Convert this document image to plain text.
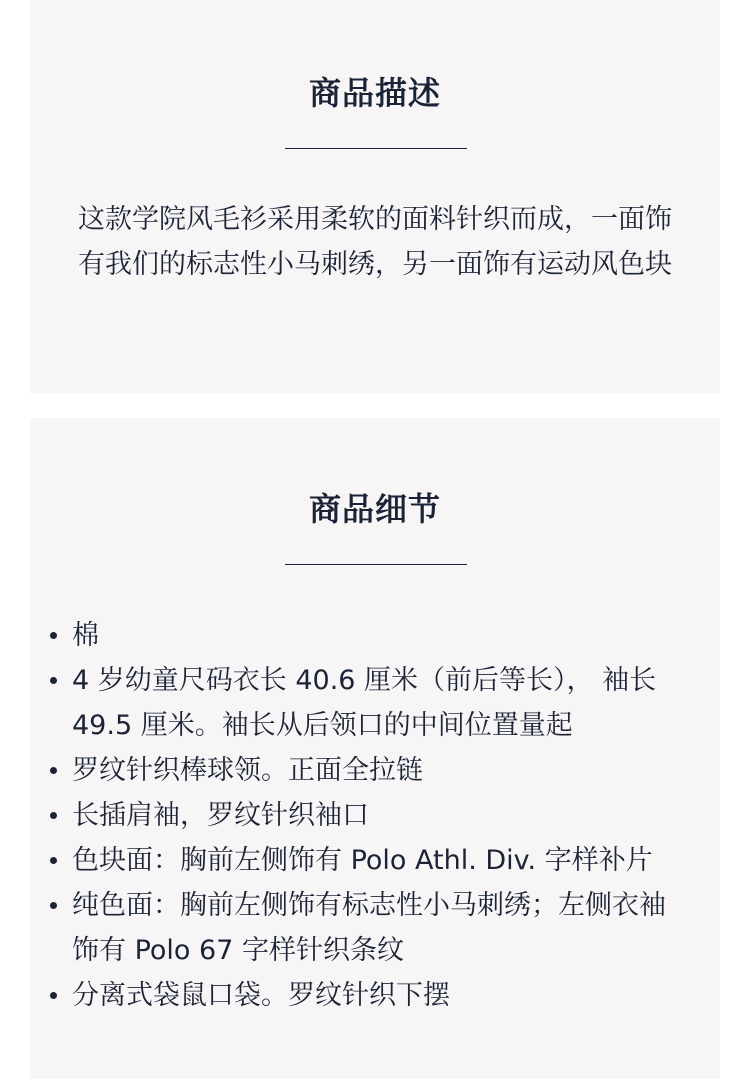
商品描述

这款学院风毛衫采用柔软的面料针织而成，一面饰有我们的标志性小马刺绣，另一面饰有运动风色块

商品细节
棉
4 岁幼童尺码衣长 40.6 厘米（前后等长）， 袖长 49.5 厘米。袖长从后领口的中间位置量起
罗纹针织棒球领。正面全拉链
长插肩袖，罗纹针织袖口
色块面：胸前左侧饰有 Polo Athl. Div. 字样补片
纯色面：胸前左侧饰有标志性小马刺绣；左侧衣袖饰有 Polo 67 字样针织条纹
分离式袋鼠口袋。罗纹针织下摆
